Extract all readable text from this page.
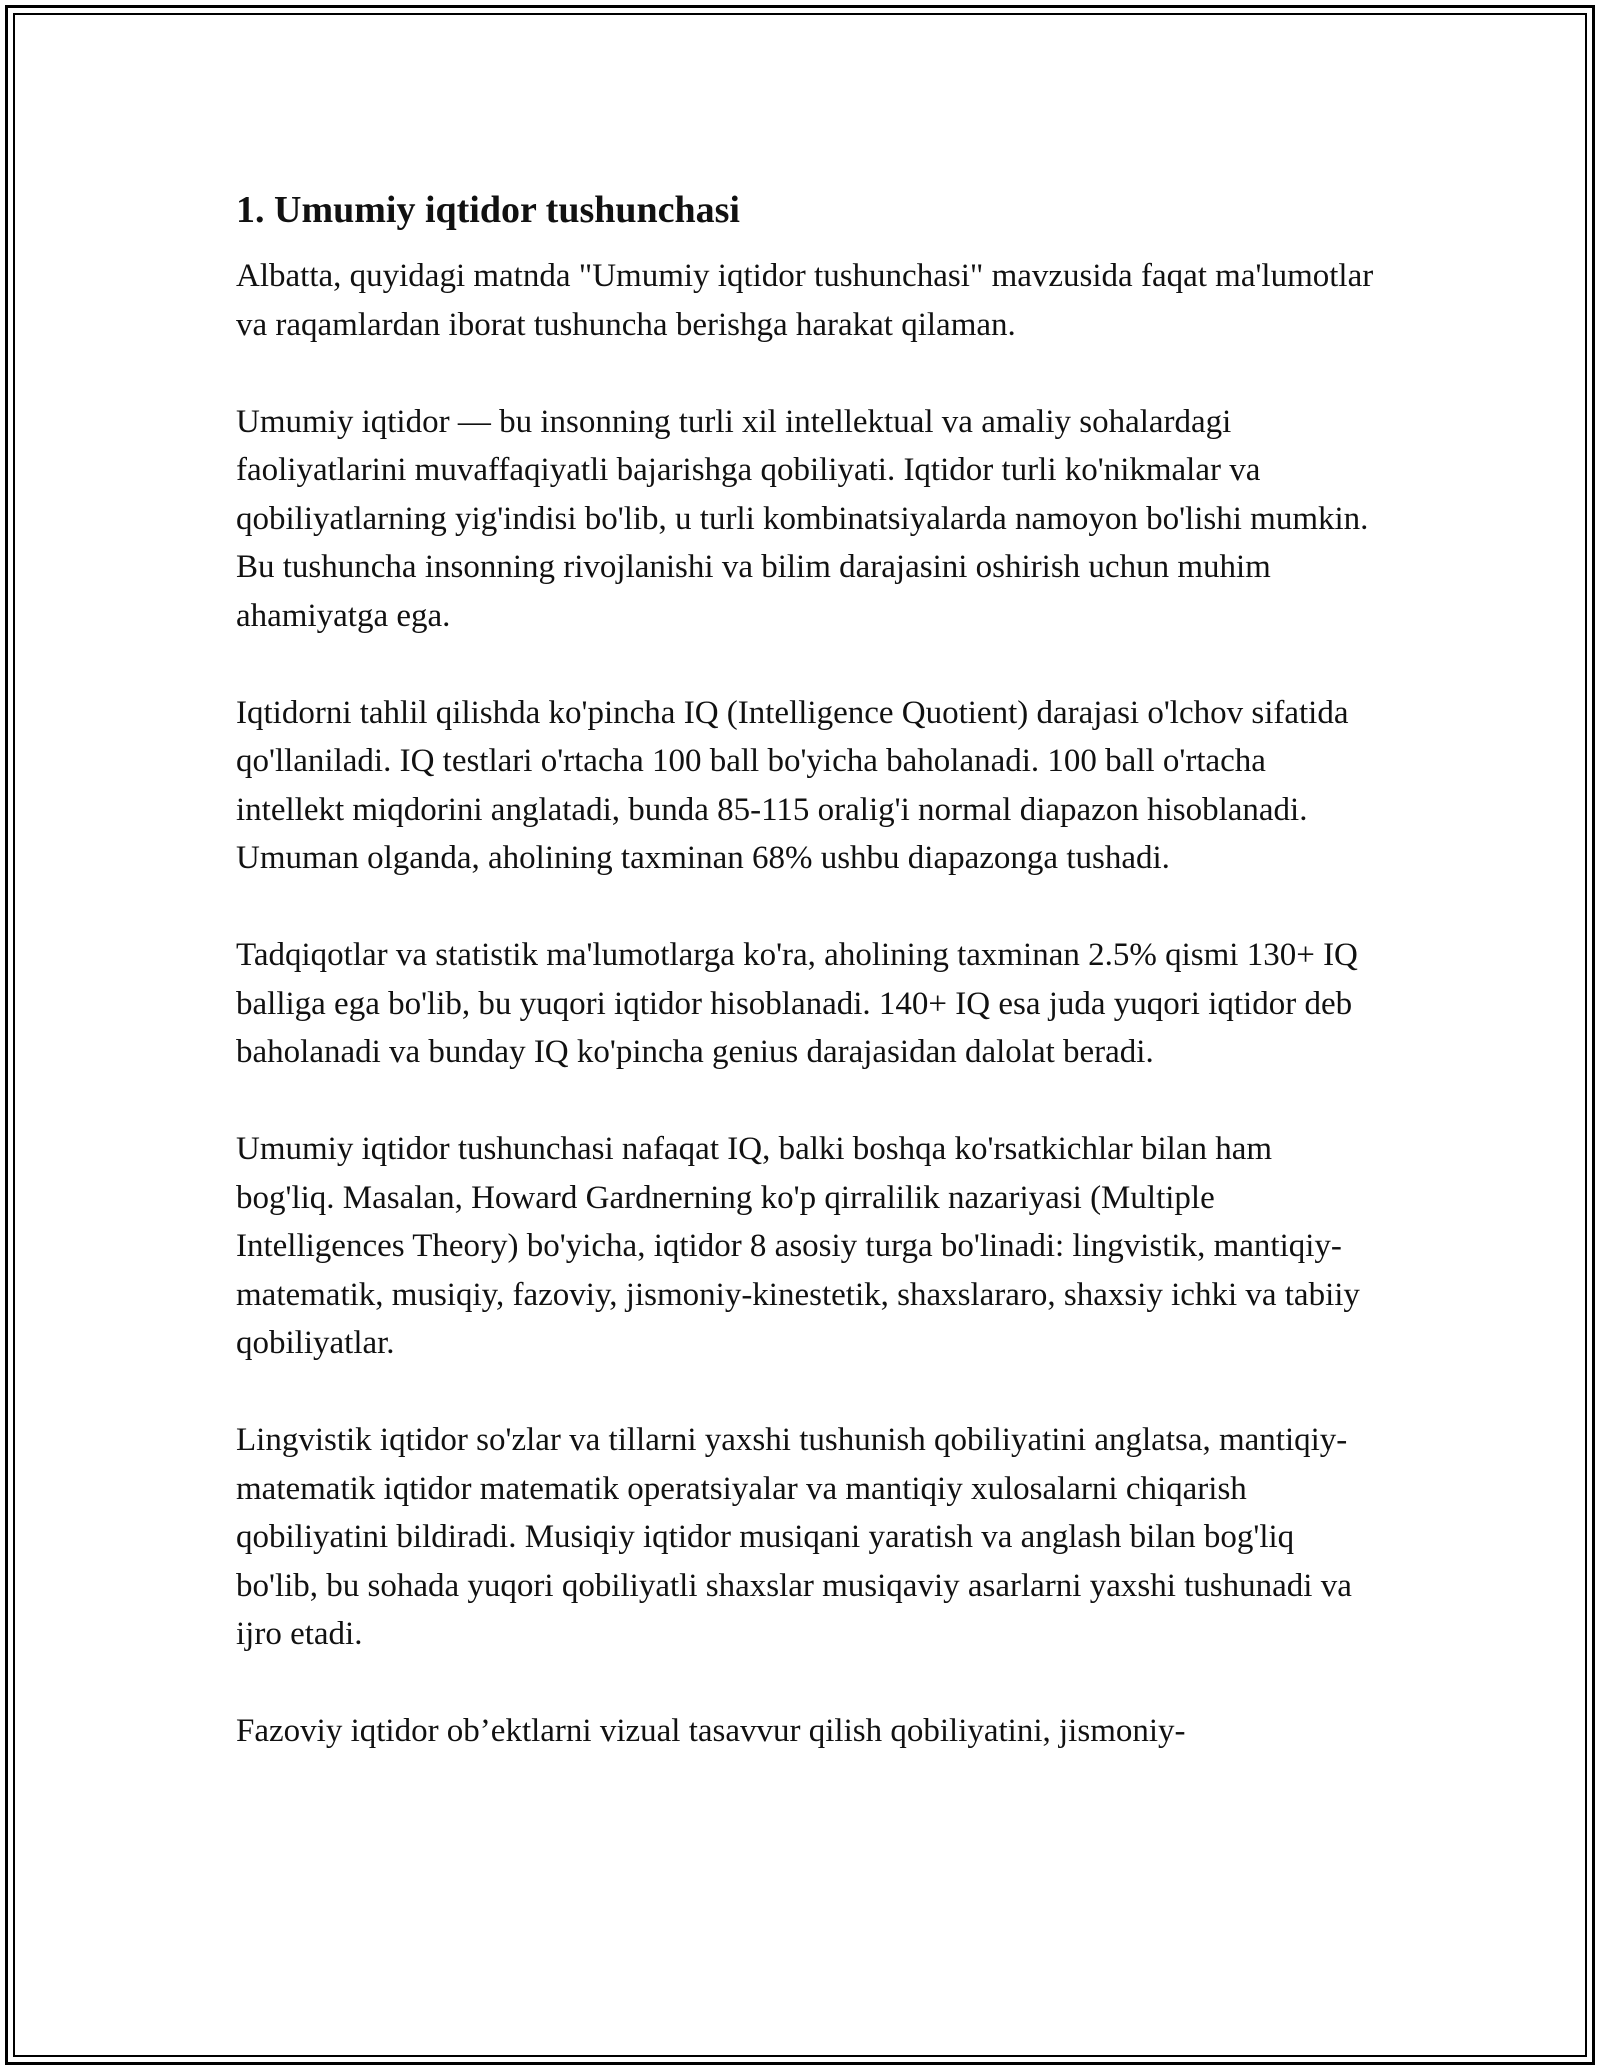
1. Umumiy iqtidor tushunchasi

Albatta, quyidagi matnda "Umumiy iqtidor tushunchasi" mavzusida faqat ma'lumotlar va raqamlardan iborat tushuncha berishga harakat qilaman.

Umumiy iqtidor — bu insonning turli xil intellektual va amaliy sohalardagi faoliyatlarini muvaffaqiyatli bajarishga qobiliyati. Iqtidor turli ko'nikmalar va qobiliyatlarning yig'indisi bo'lib, u turli kombinatsiyalarda namoyon bo'lishi mumkin. Bu tushuncha insonning rivojlanishi va bilim darajasini oshirish uchun muhim ahamiyatga ega.

Iqtidorni tahlil qilishda ko'pincha IQ (Intelligence Quotient) darajasi o'lchov sifatida qo'llaniladi. IQ testlari o'rtacha 100 ball bo'yicha baholanadi. 100 ball o'rtacha intellekt miqdorini anglatadi, bunda 85-115 oralig'i normal diapazon hisoblanadi. Umuman olganda, aholining taxminan 68% ushbu diapazonga tushadi.

Tadqiqotlar va statistik ma'lumotlarga ko'ra, aholining taxminan 2.5% qismi 130+ IQ balliga ega bo'lib, bu yuqori iqtidor hisoblanadi. 140+ IQ esa juda yuqori iqtidor deb baholanadi va bunday IQ ko'pincha genius darajasidan dalolat beradi.

Umumiy iqtidor tushunchasi nafaqat IQ, balki boshqa ko'rsatkichlar bilan ham bog'liq. Masalan, Howard Gardnerning ko'p qirralilik nazariyasi (Multiple Intelligences Theory) bo'yicha, iqtidor 8 asosiy turga bo'linadi: lingvistik, mantiqiy-matematik, musiqiy, fazoviy, jismoniy-kinestetik, shaxslararo, shaxsiy ichki va tabiiy qobiliyatlar.

Lingvistik iqtidor so'zlar va tillarni yaxshi tushunish qobiliyatini anglatsa, mantiqiy-matematik iqtidor matematik operatsiyalar va mantiqiy xulosalarni chiqarish qobiliyatini bildiradi. Musiqiy iqtidor musiqani yaratish va anglash bilan bog'liq bo'lib, bu sohada yuqori qobiliyatli shaxslar musiqaviy asarlarni yaxshi tushunadi va ijro etadi.

Fazoviy iqtidor ob’ektlarni vizual tasavvur qilish qobiliyatini, jismoniy-
